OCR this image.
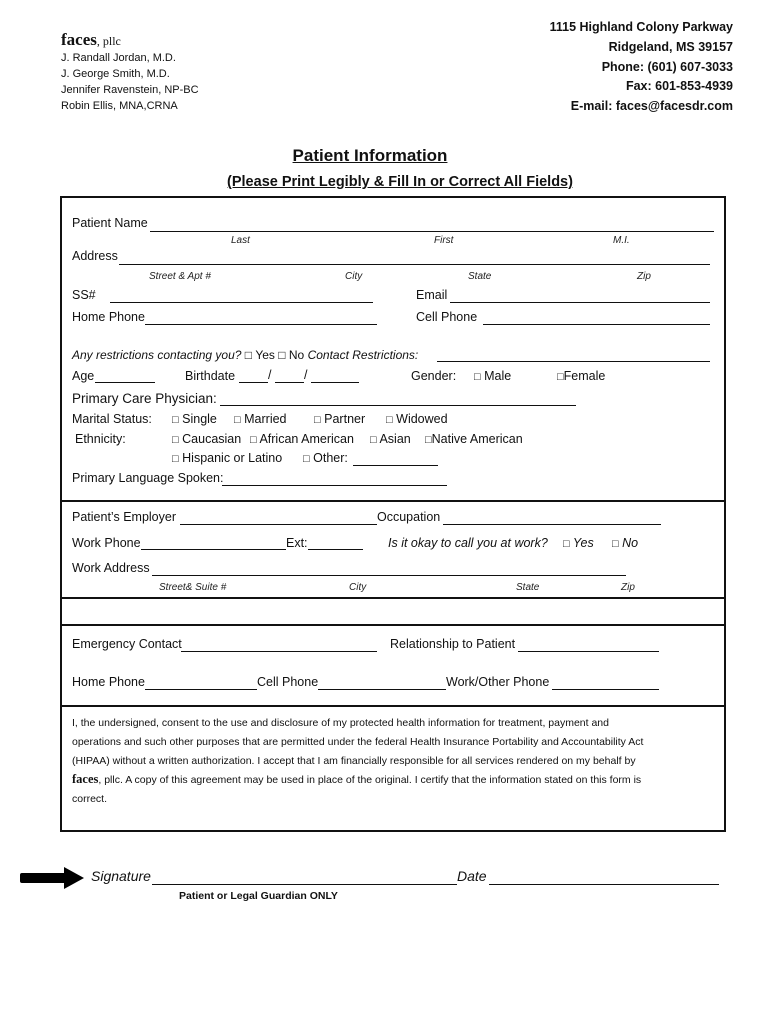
faces, pllc
J. Randall Jordan, M.D.
J. George Smith, M.D.
Jennifer Ravenstein, NP-BC
Robin Ellis, MNA,CRNA
1115 Highland Colony Parkway
Ridgeland, MS 39157
Phone: (601) 607-3033
Fax: 601-853-4939
E-mail: faces@facesdr.com
Patient Information
(Please Print Legibly & Fill In or Correct All Fields)
Patient Name
Last	First	M.I.
Address
Street & Apt #	City	State	Zip
SS#	Email
Home Phone	Cell Phone
Any restrictions contacting you? □ Yes □ No Contact Restrictions:
Age	Birthdate	/	/	Gender: □ Male	□Female
Primary Care Physician:
Marital Status: □ Single □ Married □ Partner □ Widowed
Ethnicity:	□ Caucasian □ African American □ Asian □Native American
□ Hispanic or Latino □ Other:
Primary Language Spoken:
Patient’s Employer	Occupation
Work Phone	Ext:	Is it okay to call you at work? □ Yes □ No
Work Address
Street& Suite #	City	State	Zip
Emergency Contact	Relationship to Patient
Home Phone	Cell Phone	Work/Other Phone
I, the undersigned, consent to the use and disclosure of my protected health information for treatment, payment and
operations and such other purposes that are permitted under the federal Health Insurance Portability and Accountability Act
(HIPAA) without a written authorization. I accept that I am financially responsible for all services rendered on my behalf by
faces, pllc. A copy of this agreement may be used in place of the original. I certify that the information stated on this form is
correct.
Signature	Date
Patient or Legal Guardian ONLY
